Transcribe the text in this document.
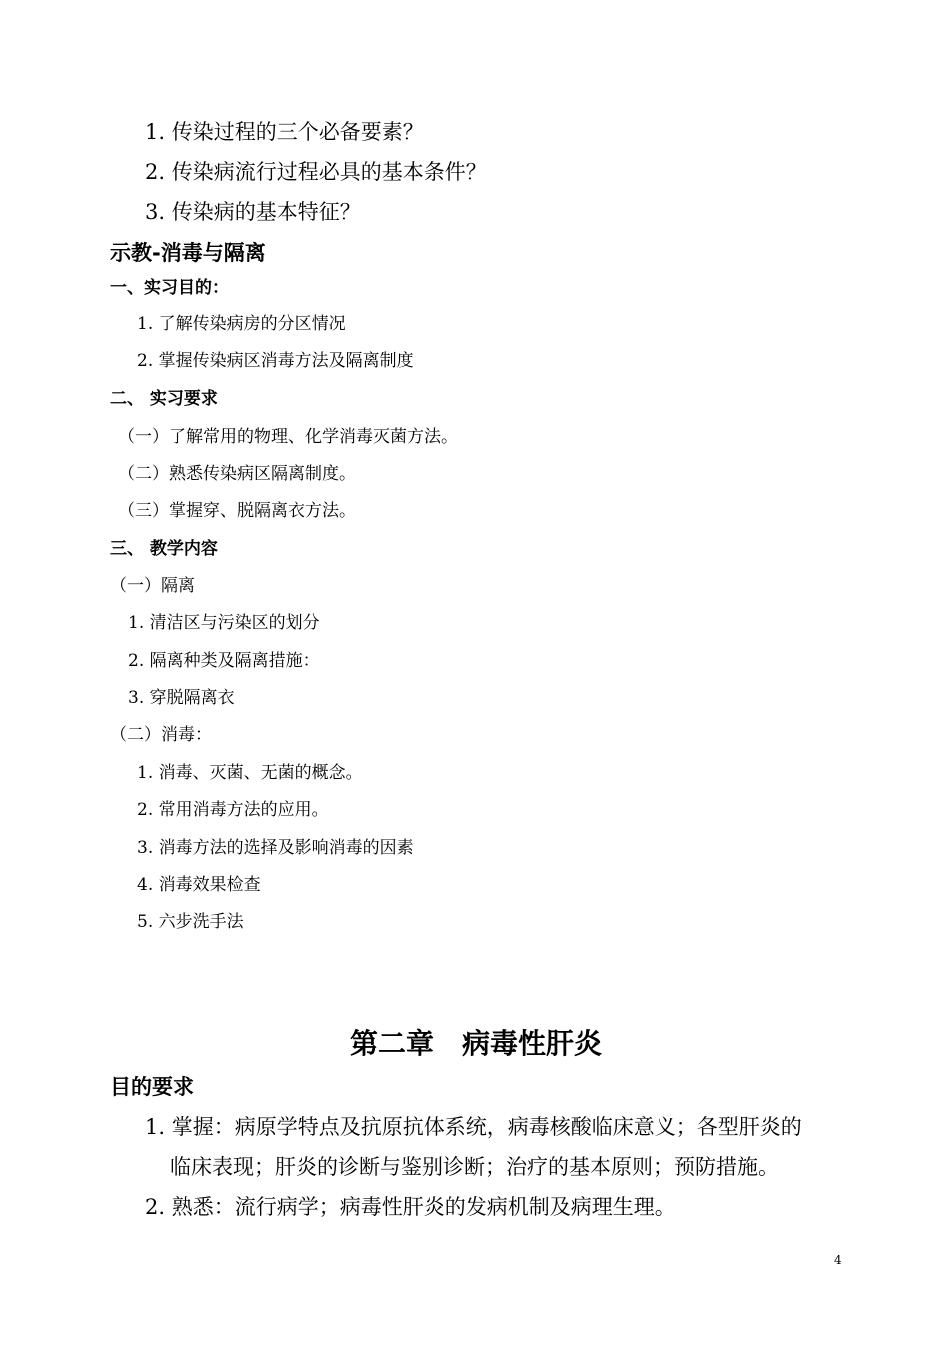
1. 传染过程的三个必备要素？
2. 传染病流行过程必具的基本条件？
3. 传染病的基本特征？
示教-消毒与隔离
一、实习目的：
1. 了解传染病房的分区情况
2. 掌握传染病区消毒方法及隔离制度
二、 实习要求
（一）了解常用的物理、化学消毒灭菌方法。
（二）熟悉传染病区隔离制度。
（三）掌握穿、脱隔离衣方法。
三、 教学内容
（一）隔离
1. 清洁区与污染区的划分
2. 隔离种类及隔离措施：
3. 穿脱隔离衣
（二）消毒：
1. 消毒、灭菌、无菌的概念。
2. 常用消毒方法的应用。
3. 消毒方法的选择及影响消毒的因素
4. 消毒效果检查
5. 六步洗手法
第二章　病毒性肝炎
目的要求
1. 掌握：病原学特点及抗原抗体系统，病毒核酸临床意义；各型肝炎的
临床表现；肝炎的诊断与鉴别诊断；治疗的基本原则；预防措施。
2. 熟悉：流行病学；病毒性肝炎的发病机制及病理生理。
4
